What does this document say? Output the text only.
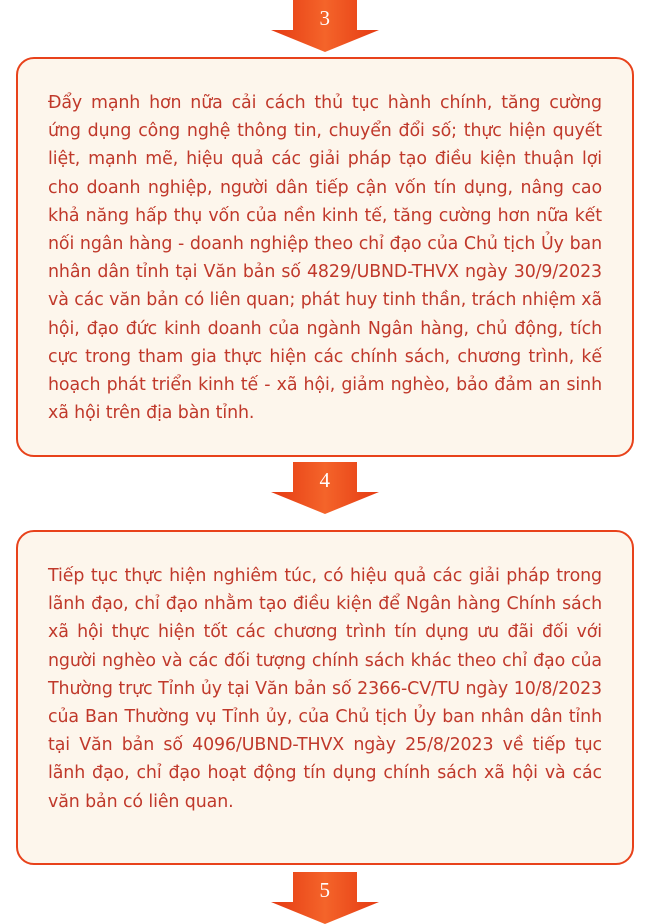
3

Đẩy mạnh hơn nữa cải cách thủ tục hành chính, tăng cường ứng dụng công nghệ thông tin, chuyển đổi số; thực hiện quyết liệt, mạnh mẽ, hiệu quả các giải pháp tạo điều kiện thuận lợi cho doanh nghiệp, người dân tiếp cận vốn tín dụng, nâng cao khả năng hấp thụ vốn của nền kinh tế, tăng cường hơn nữa kết nối ngân hàng - doanh nghiệp theo chỉ đạo của Chủ tịch Ủy ban nhân dân tỉnh tại Văn bản số 4829/UBND-THVX ngày 30/9/2023 và các văn bản có liên quan; phát huy tinh thần, trách nhiệm xã hội, đạo đức kinh doanh của ngành Ngân hàng, chủ động, tích cực trong tham gia thực hiện các chính sách, chương trình, kế hoạch phát triển kinh tế - xã hội, giảm nghèo, bảo đảm an sinh xã hội trên địa bàn tỉnh.

4

Tiếp tục thực hiện nghiêm túc, có hiệu quả các giải pháp trong lãnh đạo, chỉ đạo nhằm tạo điều kiện để Ngân hàng Chính sách xã hội thực hiện tốt các chương trình tín dụng ưu đãi đối với người nghèo và các đối tượng chính sách khác theo chỉ đạo của Thường trực Tỉnh ủy tại Văn bản số 2366-CV/TU ngày 10/8/2023 của Ban Thường vụ Tỉnh ủy, của Chủ tịch Ủy ban nhân dân tỉnh tại Văn bản số 4096/UBND-THVX ngày 25/8/2023 về tiếp tục lãnh đạo, chỉ đạo hoạt động tín dụng chính sách xã hội và các văn bản có liên quan.

5
